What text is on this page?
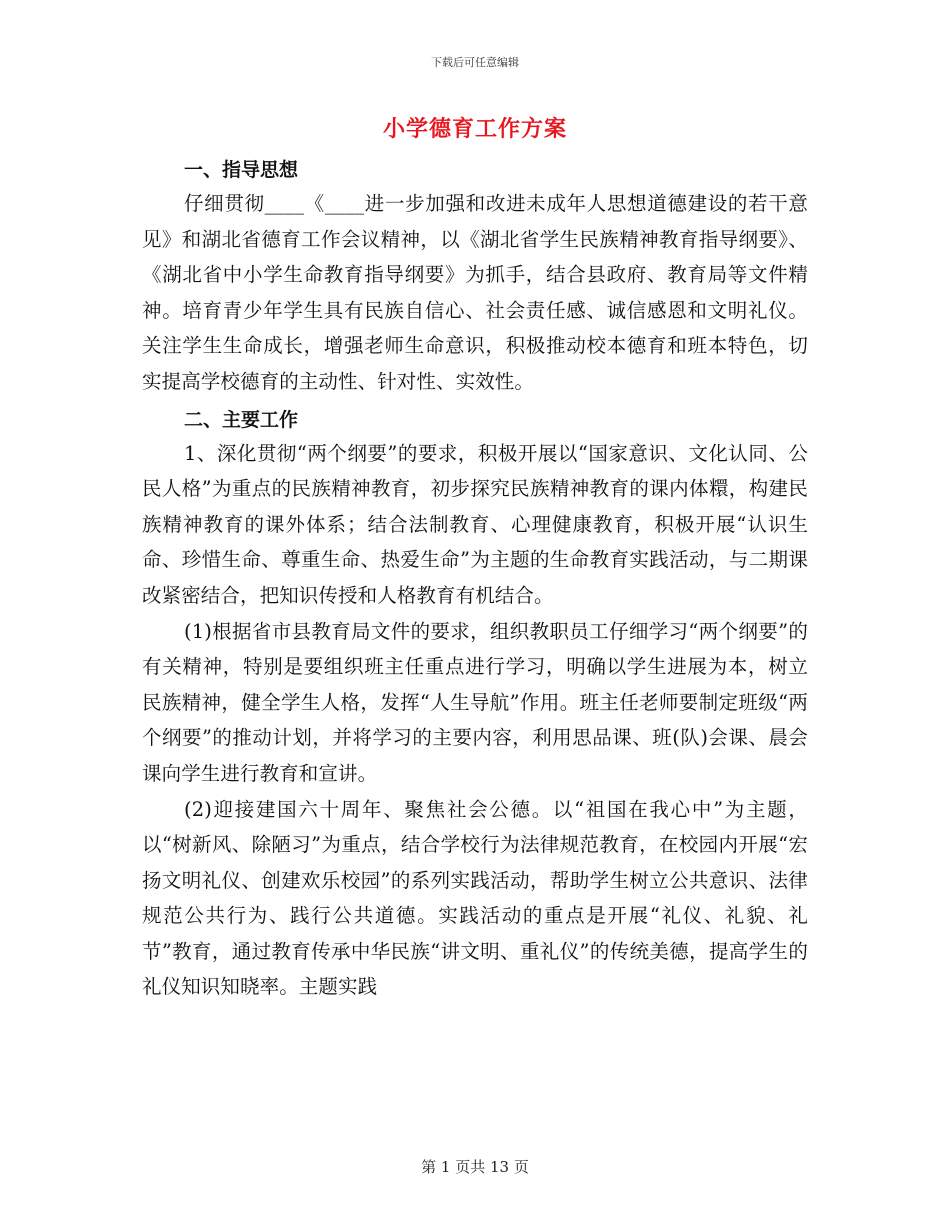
下载后可任意编辑
小学德育工作方案
一、指导思想

仔细贯彻____《____进一步加强和改进未成年人思想道德建设的若干意见》和湖北省德育工作会议精神，以《湖北省学生民族精神教育指导纲要》、《湖北省中小学生命教育指导纲要》为抓手，结合县政府、教育局等文件精神。培育青少年学生具有民族自信心、社会责任感、诚信感恩和文明礼仪。关注学生生命成长，增强老师生命意识，积极推动校本德育和班本特色，切实提高学校德育的主动性、针对性、实效性。

二、主要工作

1、深化贯彻“两个纲要”的要求，积极开展以“国家意识、文化认同、公民人格”为重点的民族精神教育，初步探究民族精神教育的课内体糫，构建民族精神教育的课外体系；结合法制教育、心理健康教育，积极开展“认识生命、珍惜生命、尊重生命、热爱生命”为主题的生命教育实践活动，与二期课改紧密结合，把知识传授和人格教育有机结合。

(1)根据省市县教育局文件的要求，组织教职员工仔细学习“两个纲要”的有关精神，特别是要组织班主任重点进行学习，明确以学生进展为本，树立民族精神，健全学生人格，发挥“人生导航”作用。班主任老师要制定班级“两个纲要”的推动计划，并将学习的主要内容，利用思品课、班(队)会课、晨会课向学生进行教育和宣讲。

(2)迎接建国六十周年、聚焦社会公德。以“祖国在我心中”为主题，以“树新风、除陋习”为重点，结合学校行为法律规范教育，在校园内开展“宏扬文明礼仪、创建欢乐校园”的系列实践活动，帮助学生树立公共意识、法律规范公共行为、践行公共道德。实践活动的重点是开展“礼仪、礼貌、礼节”教育，通过教育传承中华民族“讲文明、重礼仪”的传统美德，提高学生的礼仪知识知晓率。主题实践

第 1 页共 13 页
